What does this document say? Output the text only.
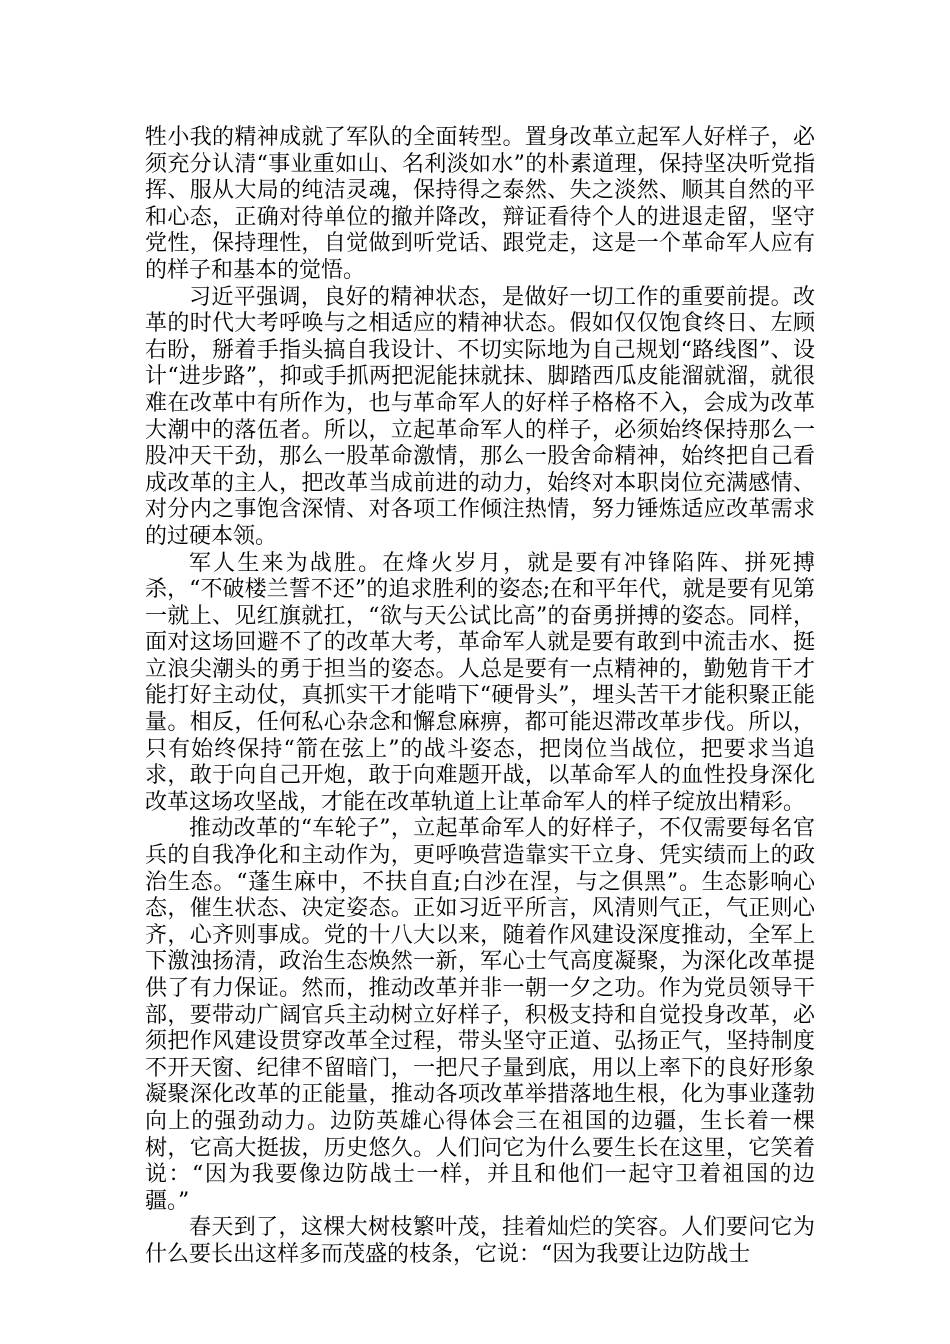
牲小我的精神成就了军队的全面转型。置身改革立起军人好样子，必须充分认清“事业重如山、名利淡如水”的朴素道理，保持坚决听党指挥、服从大局的纯洁灵魂，保持得之泰然、失之淡然、顺其自然的平和心态，正确对待单位的撤并降改，辩证看待个人的进退走留，坚守党性，保持理性，自觉做到听党话、跟党走，这是一个革命军人应有的样子和基本的觉悟。

习近平强调，良好的精神状态，是做好一切工作的重要前提。改革的时代大考呼唤与之相适应的精神状态。假如仅仅饱食终日、左顾右盼，掰着手指头搞自我设计、不切实际地为自己规划“路线图”、设计“进步路”，抑或手抓两把泥能抹就抹、脚踏西瓜皮能溜就溜，就很难在改革中有所作为，也与革命军人的好样子格格不入，会成为改革大潮中的落伍者。所以，立起革命军人的样子，必须始终保持那么一股冲天干劲，那么一股革命激情，那么一股舍命精神，始终把自己看成改革的主人，把改革当成前进的动力，始终对本职岗位充满感情、对分内之事饱含深情、对各项工作倾注热情，努力锤炼适应改革需求的过硬本领。

军人生来为战胜。在烽火岁月，就是要有冲锋陷阵、拼死搏杀，“不破楼兰誓不还”的追求胜利的姿态;在和平年代，就是要有见第一就上、见红旗就扛，“欲与天公试比高”的奋勇拼搏的姿态。同样，面对这场回避不了的改革大考，革命军人就是要有敢到中流击水、挺立浪尖潮头的勇于担当的姿态。人总是要有一点精神的，勤勉肯干才能打好主动仗，真抓实干才能啃下“硬骨头”，埋头苦干才能积聚正能量。相反，任何私心杂念和懈怠麻痹，都可能迟滞改革步伐。所以，只有始终保持“箭在弦上”的战斗姿态，把岗位当战位，把要求当追求，敢于向自己开炮，敢于向难题开战，以革命军人的血性投身深化改革这场攻坚战，才能在改革轨道上让革命军人的样子绽放出精彩。

推动改革的“车轮子”，立起革命军人的好样子，不仅需要每名官兵的自我净化和主动作为，更呼唤营造靠实干立身、凭实绩而上的政治生态。“蓬生麻中，不扶自直;白沙在涅，与之俱黑”。生态影响心态，催生状态、决定姿态。正如习近平所言，风清则气正，气正则心齐，心齐则事成。党的十八大以来，随着作风建设深度推动，全军上下激浊扬清，政治生态焕然一新，军心士气高度凝聚，为深化改革提供了有力保证。然而，推动改革并非一朝一夕之功。作为党员领导干部，要带动广阔官兵主动树立好样子，积极支持和自觉投身改革，必须把作风建设贯穿改革全过程，带头坚守正道、弘扬正气，坚持制度不开天窗、纪律不留暗门，一把尺子量到底，用以上率下的良好形象凝聚深化改革的正能量，推动各项改革举措落地生根，化为事业蓬勃向上的强劲动力。边防英雄心得体会三在祖国的边疆，生长着一棵树，它高大挺拔，历史悠久。人们问它为什么要生长在这里，它笑着说：“因为我要像边防战士一样，并且和他们一起守卫着祖国的边疆。”

春天到了，这棵大树枝繁叶茂，挂着灿烂的笑容。人们要问它为什么要长出这样多而茂盛的枝条，它说：“因为我要让边防战士
